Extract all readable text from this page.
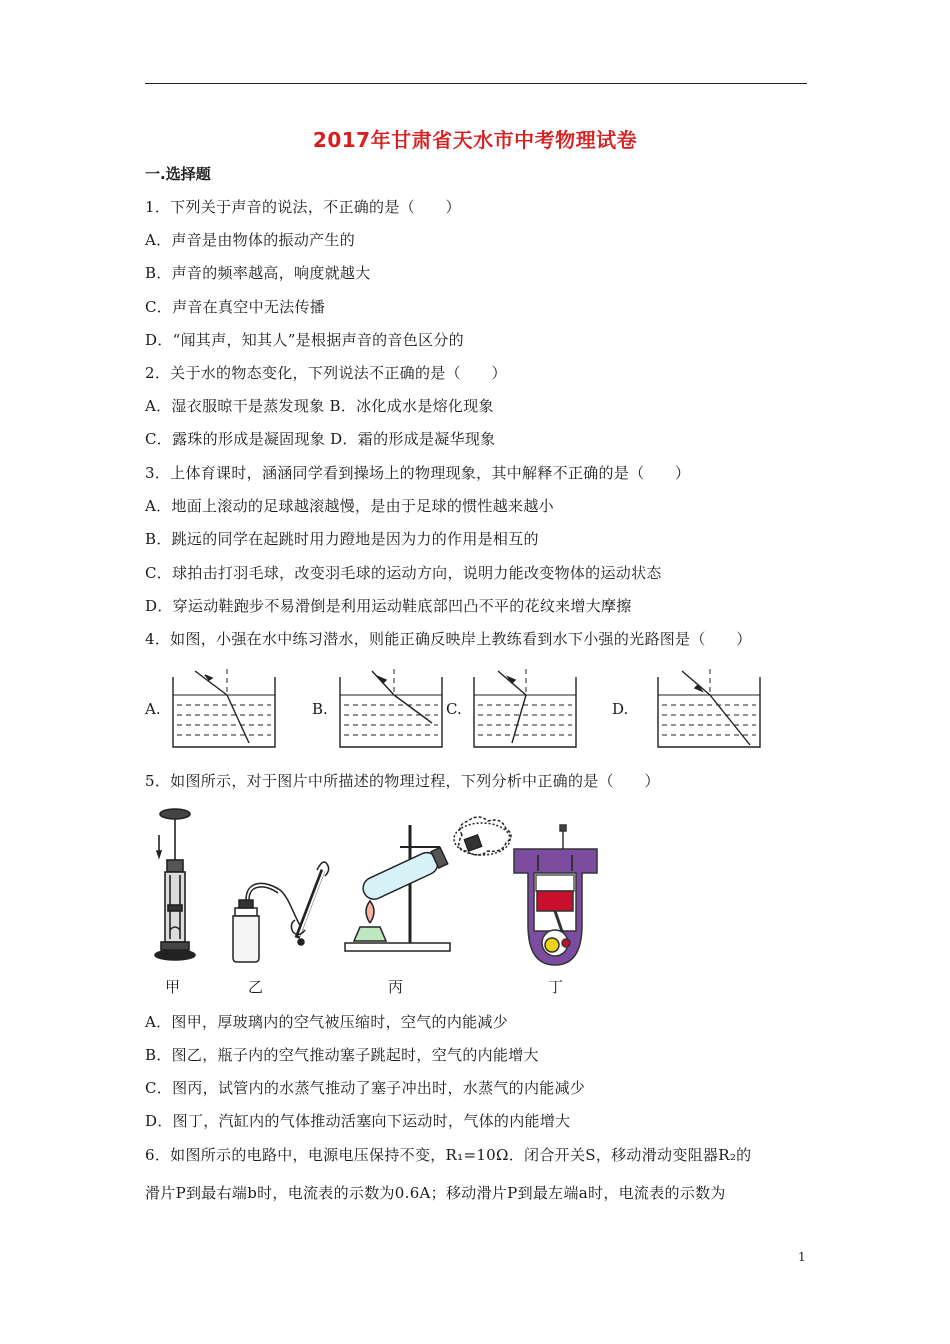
2017年甘肃省天水市中考物理试卷
一.选择题
1．下列关于声音的说法，不正确的是（　　）
A．声音是由物体的振动产生的
B．声音的频率越高，响度就越大
C．声音在真空中无法传播
D．“闻其声，知其人”是根据声音的音色区分的
2．关于水的物态变化，下列说法不正确的是（　　）
A．湿衣服晾干是蒸发现象 B．冰化成水是熔化现象
C．露珠的形成是凝固现象 D．霜的形成是凝华现象
3．上体育课时，涵涵同学看到操场上的物理现象，其中解释不正确的是（　　）
A．地面上滚动的足球越滚越慢，是由于足球的惯性越来越小
B．跳远的同学在起跳时用力蹬地是因为力的作用是相互的
C．球拍击打羽毛球，改变羽毛球的运动方向，说明力能改变物体的运动状态
D．穿运动鞋跑步不易滑倒是利用运动鞋底部凹凸不平的花纹来增大摩擦
4．如图，小强在水中练习潜水，则能正确反映岸上教练看到水下小强的光路图是（　　）
A.	B.	C.	D.
5．如图所示，对于图片中所描述的物理过程，下列分析中正确的是（　　）
甲	乙	丙	丁
A．图甲，厚玻璃内的空气被压缩时，空气的内能减少
B．图乙，瓶子内的空气推动塞子跳起时，空气的内能增大
C．图丙，试管内的水蒸气推动了塞子冲出时，水蒸气的内能减少
D．图丁，汽缸内的气体推动活塞向下运动时，气体的内能增大
6．如图所示的电路中，电源电压保持不变，R₁=10Ω．闭合开关S，移动滑动变阻器R₂的
滑片P到最右端b时，电流表的示数为0.6A；移动滑片P到最左端a时，电流表的示数为
1
